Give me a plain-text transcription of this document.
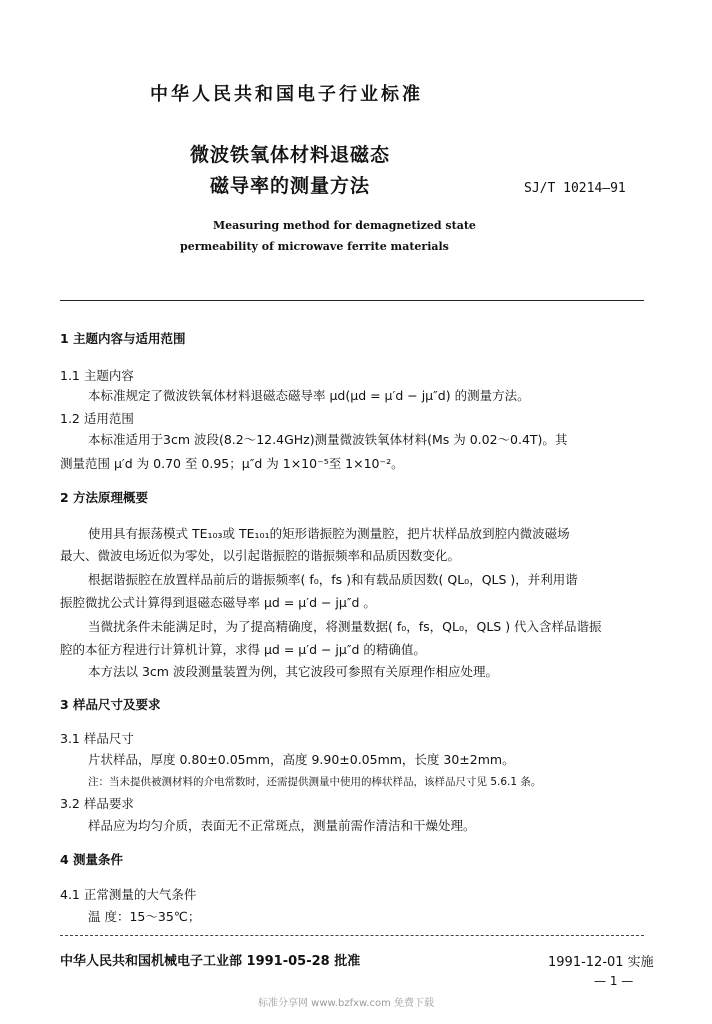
中华人民共和国电子行业标准
微波铁氧体材料退磁态
磁导率的测量方法	SJ/T 10214—91
Measuring method for demagnetized state
permeability of microwave ferrite materials
1 主题内容与适用范围
1.1 主题内容
本标准规定了微波铁氧体材料退磁态磁导率 μd(μd = μ′d − jμ″d) 的测量方法。
1.2 适用范围
本标准适用于3cm 波段(8.2～12.4GHz)测量微波铁氧体材料(Ms 为 0.02～0.4T)。其
测量范围 μ′d 为 0.70 至 0.95；μ″d 为 1×10⁻⁵至 1×10⁻²。
2 方法原理概要
使用具有振荡模式 TE₁₀₃或 TE₁₀₁的矩形谐振腔为测量腔，把片状样品放到腔内微波磁场
最大、微波电场近似为零处，以引起谐振腔的谐振频率和品质因数变化。
根据谐振腔在放置样品前后的谐振频率( f₀，fs )和有载品质因数( QL₀，QLS )，并利用谐
振腔微扰公式计算得到退磁态磁导率 μd = μ′d − jμ″d 。
当微扰条件未能满足时，为了提高精确度，将测量数据( f₀，fs，QL₀，QLS ) 代入含样品谐振
腔的本征方程进行计算机计算，求得 μd = μ′d − jμ″d 的精确值。
本方法以 3cm 波段测量装置为例，其它波段可参照有关原理作相应处理。
3 样品尺寸及要求
3.1 样品尺寸
片状样品，厚度 0.80±0.05mm，高度 9.90±0.05mm，长度 30±2mm。
注：当未提供被测材料的介电常数时，还需提供测量中使用的棒状样品，该样品尺寸见 5.6.1 条。
3.2 样品要求
样品应为均匀介质，表面无不正常斑点，测量前需作清洁和干燥处理。
4 测量条件
4.1 正常测量的大气条件
温 度：15～35℃；
中华人民共和国机械电子工业部 1991-05-28 批准	1991-12-01 实施
— 1 —
标准分享网 www.bzfxw.com 免费下载
